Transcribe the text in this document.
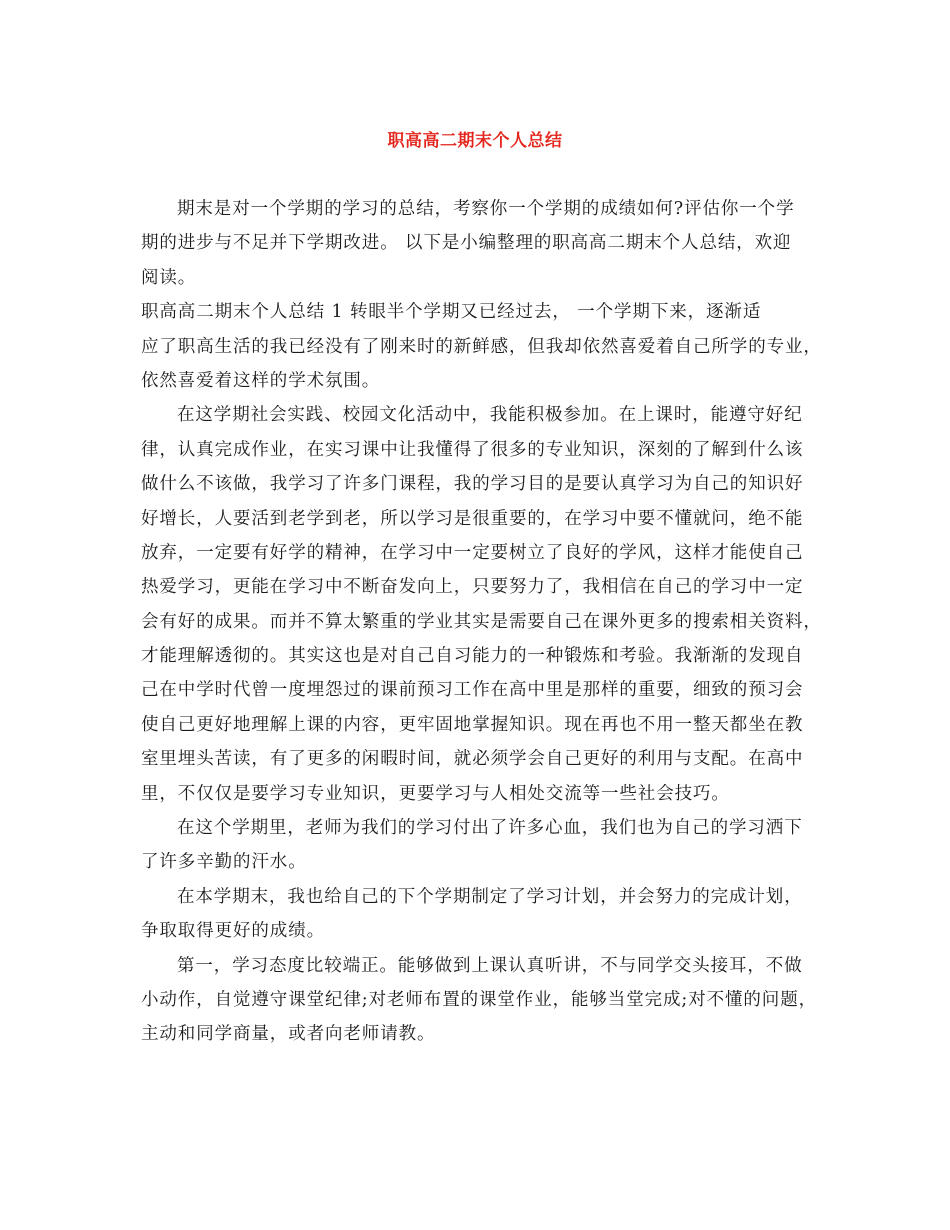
职高高二期末个人总结
期末是对一个学期的学习的总结，考察你一个学期的成绩如何?评估你一个学
期的进步与不足并下学期改进。 以下是小编整理的职高高二期末个人总结，欢迎
阅读。
职高高二期末个人总结 1 转眼半个学期又已经过去， 一个学期下来，逐渐适
应了职高生活的我已经没有了刚来时的新鲜感，但我却依然喜爱着自己所学的专业，
依然喜爱着这样的学术氛围。
在这学期社会实践、校园文化活动中，我能积极参加。在上课时，能遵守好纪
律，认真完成作业，在实习课中让我懂得了很多的专业知识，深刻的了解到什么该
做什么不该做，我学习了许多门课程，我的学习目的是要认真学习为自己的知识好
好增长，人要活到老学到老，所以学习是很重要的，在学习中要不懂就问，绝不能
放弃，一定要有好学的精神，在学习中一定要树立了良好的学风，这样才能使自己
热爱学习，更能在学习中不断奋发向上，只要努力了，我相信在自己的学习中一定
会有好的成果。而并不算太繁重的学业其实是需要自己在课外更多的搜索相关资料，
才能理解透彻的。其实这也是对自己自习能力的一种锻炼和考验。我渐渐的发现自
己在中学时代曾一度埋怨过的课前预习工作在高中里是那样的重要，细致的预习会
使自己更好地理解上课的内容，更牢固地掌握知识。现在再也不用一整天都坐在教
室里埋头苦读，有了更多的闲暇时间，就必须学会自己更好的利用与支配。在高中
里，不仅仅是要学习专业知识，更要学习与人相处交流等一些社会技巧。
在这个学期里，老师为我们的学习付出了许多心血，我们也为自己的学习洒下
了许多辛勤的汗水。
在本学期末，我也给自己的下个学期制定了学习计划，并会努力的完成计划，
争取取得更好的成绩。
第一，学习态度比较端正。能够做到上课认真听讲，不与同学交头接耳，不做
小动作，自觉遵守课堂纪律;对老师布置的课堂作业，能够当堂完成;对不懂的问题，
主动和同学商量，或者向老师请教。
